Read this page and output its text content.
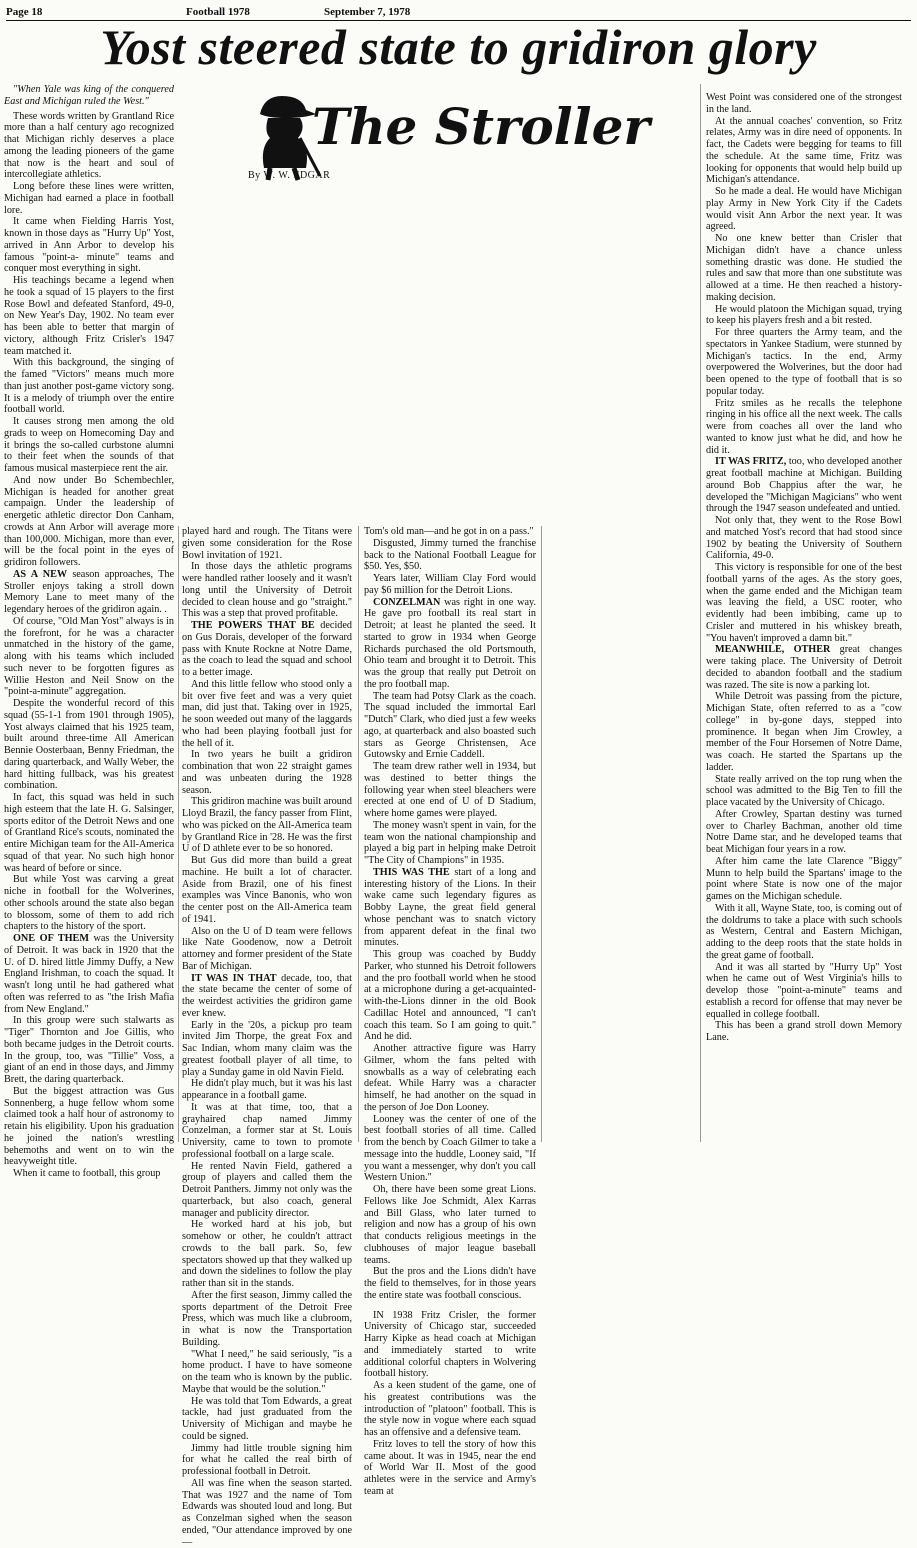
Page 18	Football 1978	September 7, 1978
Yost steered state to gridiron glory
The Stroller
By W. W. EDGAR

"When Yale was king of the conquered East and Michigan ruled the West."

These words written by Grantland Rice more than a half century ago recognized that Michigan richly deserves a place among the leading pioneers of the game that now is the heart and soul of intercollegiate athletics.

Long before these lines were written, Michigan had earned a place in football lore.

It came when Fielding Harris Yost, known in those days as "Hurry Up" Yost, arrived in Ann Arbor to develop his famous "point-a- minute" teams and conquer most everything in sight.

His teachings became a legend when he took a squad of 15 players to the first Rose Bowl and defeated Stanford, 49-0, on New Year's Day, 1902. No team ever has been able to better that margin of victory, although Fritz Crisler's 1947 team matched it.

With this background, the singing of the famed "Victors" means much more than just another post-game victory song. It is a melody of triumph over the entire football world.

It causes strong men among the old grads to weep on Homecoming Day and it brings the so-called curbstone alumni to their feet when the sounds of that famous musical masterpiece rent the air.

And now under Bo Schembechler, Michigan is headed for another great campaign. Under the leadership of energetic athletic director Don Canham, crowds at Ann Arbor will average more than 100,000. Michigan, more than ever, will be the focal point in the eyes of gridiron followers.

AS A NEW season approaches, The Stroller enjoys taking a stroll down Memory Lane to meet many of the legendary heroes of the gridiron again. .

Of course, "Old Man Yost" always is in the forefront, for he was a character unmatched in the history of the game, along with his teams which included such never to be forgotten figures as Willie Heston and Neil Snow on the "point-a-minute" aggregation.

Despite the wonderful record of this squad (55-1-1 from 1901 through 1905), Yost always claimed that his 1925 team, built around three-time All American Bennie Oosterbaan, Benny Friedman, the daring quarterback, and Wally Weber, the hard hitting fullback, was his greatest combination.

In fact, this squad was held in such high esteem that the late H. G. Salsinger, sports editor of the Detroit News and one of Grantland Rice's scouts, nominated the entire Michigan team for the All-America squad of that year. No such high honor was heard of before or since.

But while Yost was carving a great niche in football for the Wolverines, other schools around the state also began to blossom, some of them to add rich chapters to the history of the sport.

ONE OF THEM was the University of Detroit. It was back in 1920 that the U. of D. hired little Jimmy Duffy, a New England Irishman, to coach the squad. It wasn't long until he had gathered what often was referred to as "the Irish Mafia from New England."

In this group were such stalwarts as "Tiger" Thornton and Joe Gillis, who both became judges in the Detroit courts. In the group, too, was "Tillie" Voss, a giant of an end in those days, and Jimmy Brett, the daring quarterback.

But the biggest attraction was Gus Sonnenberg, a huge fellow whom some claimed took a half hour of astronomy to retain his eligibility. Upon his graduation he joined the nation's wrestling behemoths and went on to win the heavyweight title.

When it came to football, this group

played hard and rough. The Titans were given some consideration for the Rose Bowl invitation of 1921.

In those days the athletic programs were handled rather loosely and it wasn't long until the University of Detroit decided to clean house and go "straight." This was a step that proved profitable.

THE POWERS THAT BE decided on Gus Dorais, developer of the forward pass with Knute Rockne at Notre Dame, as the coach to lead the squad and school to a better image.

And this little fellow who stood only a bit over five feet and was a very quiet man, did just that. Taking over in 1925, he soon weeded out many of the laggards who had been playing football just for the hell of it.

In two years he built a gridiron combination that won 22 straight games and was unbeaten during the 1928 season.

This gridiron machine was built around Lloyd Brazil, the fancy passer from Flint, who was picked on the All-America team by Grantland Rice in '28. He was the first U of D athlete ever to be so honored.

But Gus did more than build a great machine. He built a lot of character. Aside from Brazil, one of his finest examples was Vince Banonis, who won the center post on the All-America team of 1941.

Also on the U of D team were fellows like Nate Goodenow, now a Detroit attorney and former president of the State Bar of Michigan.

IT WAS IN THAT decade, too, that the state became the center of some of the weirdest activities the gridiron game ever knew.

Early in the '20s, a pickup pro team invited Jim Thorpe, the great Fox and Sac Indian, whom many claim was the greatest football player of all time, to play a Sunday game in old Navin Field.

He didn't play much, but it was his last appearance in a football game.

It was at that time, too, that a grayhaired chap named Jimmy Conzelman, a former star at St. Louis University, came to town to promote professional football on a large scale.

He rented Navin Field, gathered a group of players and called them the Detroit Panthers. Jimmy not only was the quarterback, but also coach, general manager and publicity director.

He worked hard at his job, but somehow or other, he couldn't attract crowds to the ball park. So, few spectators showed up that they walked up and down the sidelines to follow the play rather than sit in the stands.

After the first season, Jimmy called the sports department of the Detroit Free Press, which was much like a clubroom, in what is now the Transportation Building.

"What I need," he said seriously, "is a home product. I have to have someone on the team who is known by the public. Maybe that would be the solution."

He was told that Tom Edwards, a great tackle, had just graduated from the University of Michigan and maybe he could be signed.

Jimmy had little trouble signing him for what he called the real birth of professional football in Detroit.

All was fine when the season started. That was 1927 and the name of Tom Edwards was shouted loud and long. But as Conzelman sighed when the season ended, "Our attendance improved by one—

Tom's old man—and he got in on a pass."

Disgusted, Jimmy turned the franchise back to the National Football League for $50. Yes, $50.

Years later, William Clay Ford would pay $6 million for the Detroit Lions.

CONZELMAN was right in one way. He gave pro football its real start in Detroit; at least he planted the seed. It started to grow in 1934 when George Richards purchased the old Portsmouth, Ohio team and brought it to Detroit. This was the group that really put Detroit on the pro football map.

The team had Potsy Clark as the coach. The squad included the immortal Earl "Dutch" Clark, who died just a few weeks ago, at quarterback and also boasted such stars as George Christensen, Ace Gutowsky and Ernie Caddell.

The team drew rather well in 1934, but was destined to better things the following year when steel bleachers were erected at one end of U of D Stadium, where home games were played.

The money wasn't spent in vain, for the team won the national championship and played a big part in helping make Detroit "The City of Champions" in 1935.

THIS WAS THE start of a long and interesting history of the Lions. In their wake came such legendary figures as Bobby Layne, the great field general whose penchant was to snatch victory from apparent defeat in the final two minutes.

This group was coached by Buddy Parker, who stunned his Detroit followers and the pro football world when he stood at a microphone during a get-acquainted-with-the-Lions dinner in the old Book Cadillac Hotel and announced, "I can't coach this team. So I am going to quit." And he did.

Another attractive figure was Harry Gilmer, whom the fans pelted with snowballs as a way of celebrating each defeat. While Harry was a character himself, he had another on the squad in the person of Joe Don Looney.

Looney was the center of one of the best football stories of all time. Called from the bench by Coach Gilmer to take a message into the huddle, Looney said, "If you want a messenger, why don't you call Western Union."

Oh, there have been some great Lions. Fellows like Joe Schmidt, Alex Karras and Bill Glass, who later turned to religion and now has a group of his own that conducts religious meetings in the clubhouses of major league baseball teams.

But the pros and the Lions didn't have the field to themselves, for in those years the entire state was football conscious.

IN 1938 Fritz Crisler, the former University of Chicago star, succeeded Harry Kipke as head coach at Michigan and immediately started to write additional colorful chapters in Wolvering football history.

As a keen student of the game, one of his greatest contributions was the introduction of "platoon" football. This is the style now in vogue where each squad has an offensive and a defensive team.

Fritz loves to tell the story of how this came about. It was in 1945, near the end of World War II. Most of the good athletes were in the service and Army's team at

West Point was considered one of the strongest in the land.

At the annual coaches' convention, so Fritz relates, Army was in dire need of opponents. In fact, the Cadets were begging for teams to fill the schedule. At the same time, Fritz was looking for opponents that would help build up Michigan's attendance.

So he made a deal. He would have Michigan play Army in New York City if the Cadets would visit Ann Arbor the next year. It was agreed.

No one knew better than Crisler that Michigan didn't have a chance unless something drastic was done. He studied the rules and saw that more than one substitute was allowed at a time. He then reached a history-making decision.

He would platoon the Michigan squad, trying to keep his players fresh and a bit rested.

For three quarters the Army team, and the spectators in Yankee Stadium, were stunned by Michigan's tactics. In the end, Army overpowered the Wolverines, but the door had been opened to the type of football that is so popular today.

Fritz smiles as he recalls the telephone ringing in his office all the next week. The calls were from coaches all over the land who wanted to know just what he did, and how he did it.

IT WAS FRITZ, too, who developed another great football machine at Michigan. Building around Bob Chappius after the war, he developed the "Michigan Magicians" who went through the 1947 season undefeated and untied.

Not only that, they went to the Rose Bowl and matched Yost's record that had stood since 1902 by beating the University of Southern California, 49-0.

This victory is responsible for one of the best football yarns of the ages. As the story goes, when the game ended and the Michigan team was leaving the field, a USC rooter, who evidently had been imbibing, came up to Crisler and muttered in his whiskey breath, "You haven't improved a damn bit."

MEANWHILE, OTHER great changes were taking place. The University of Detroit decided to abandon football and the stadium was razed. The site is now a parking lot.

While Detroit was passing from the picture, Michigan State, often referred to as a "cow college" in by-gone days, stepped into prominence. It began when Jim Crowley, a member of the Four Horsemen of Notre Dame, was coach. He started the Spartans up the ladder.

State really arrived on the top rung when the school was admitted to the Big Ten to fill the place vacated by the University of Chicago.

After Crowley, Spartan destiny was turned over to Charley Bachman, another old time Notre Dame star, and he developed teams that beat Michigan four years in a row.

After him came the late Clarence "Biggy" Munn to help build the Spartans' image to the point where State is now one of the major games on the Michigan schedule.

With it all, Wayne State, too, is coming out of the doldrums to take a place with such schools as Western, Central and Eastern Michigan, adding to the deep roots that the state holds in the great game of football.

And it was all started by "Hurry Up" Yost when he came out of West Virginia's hills to develop those "point-a-minute" teams and establish a record for offense that may never be equalled in college football.

This has been a grand stroll down Memory Lane.
